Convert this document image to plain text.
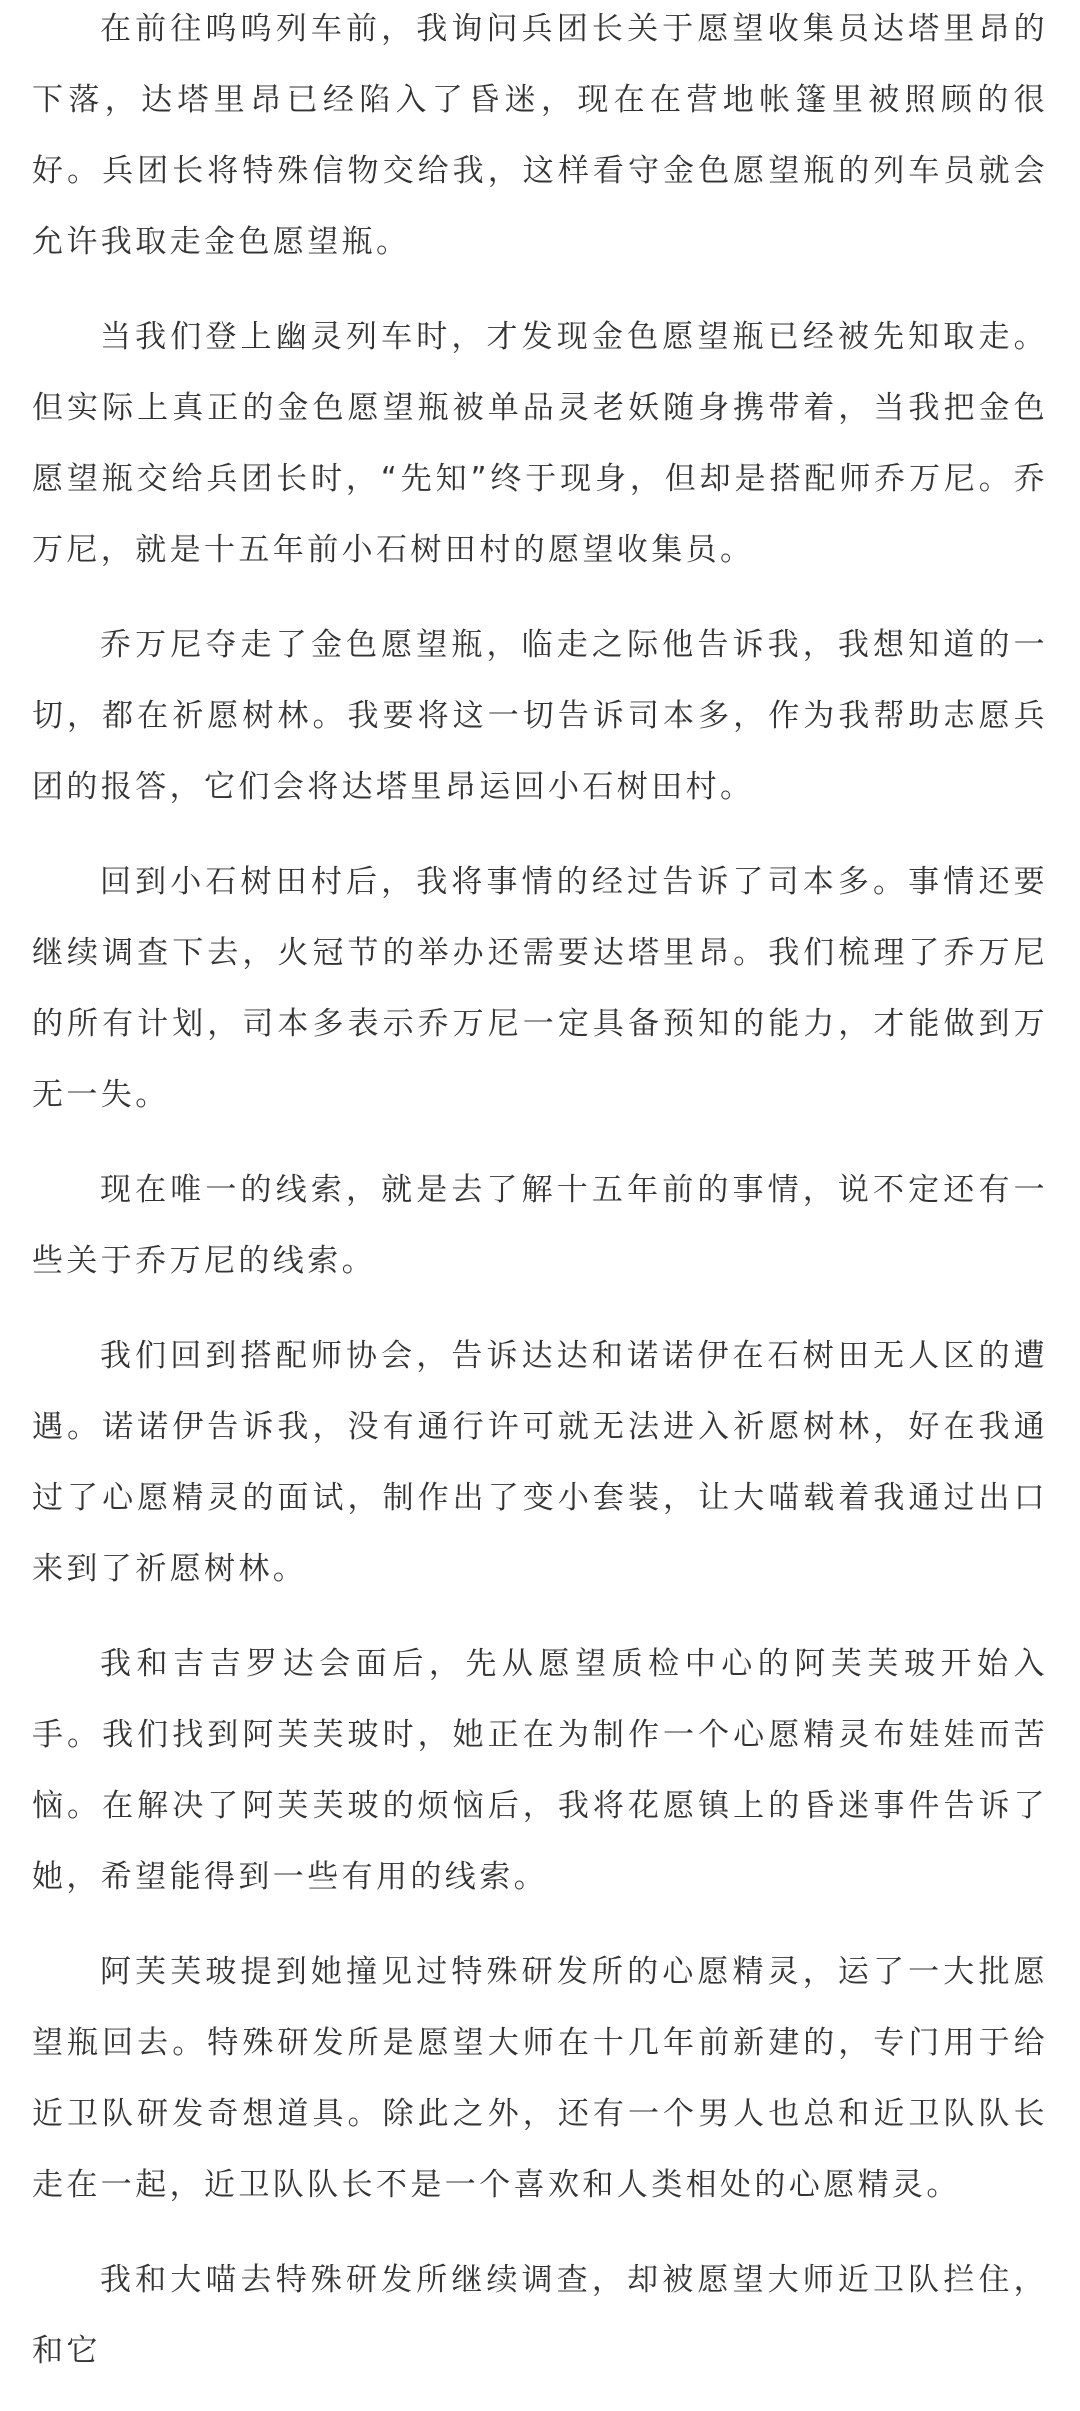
在前往呜呜列车前，我询问兵团长关于愿望收集员达塔里昂的下落，达塔里昂已经陷入了昏迷，现在在营地帐篷里被照顾的很好。兵团长将特殊信物交给我，这样看守金色愿望瓶的列车员就会允许我取走金色愿望瓶。

当我们登上幽灵列车时，才发现金色愿望瓶已经被先知取走。但实际上真正的金色愿望瓶被单品灵老妖随身携带着，当我把金色愿望瓶交给兵团长时，“先知”终于现身，但却是搭配师乔万尼。乔万尼，就是十五年前小石树田村的愿望收集员。

乔万尼夺走了金色愿望瓶，临走之际他告诉我，我想知道的一切，都在祈愿树林。我要将这一切告诉司本多，作为我帮助志愿兵团的报答，它们会将达塔里昂运回小石树田村。

回到小石树田村后，我将事情的经过告诉了司本多。事情还要继续调查下去，火冠节的举办还需要达塔里昂。我们梳理了乔万尼的所有计划，司本多表示乔万尼一定具备预知的能力，才能做到万无一失。

现在唯一的线索，就是去了解十五年前的事情，说不定还有一些关于乔万尼的线索。

我们回到搭配师协会，告诉达达和诺诺伊在石树田无人区的遭遇。诺诺伊告诉我，没有通行许可就无法进入祈愿树林，好在我通过了心愿精灵的面试，制作出了变小套装，让大喵载着我通过出口来到了祈愿树林。

我和吉吉罗达会面后，先从愿望质检中心的阿芙芙玻开始入手。我们找到阿芙芙玻时，她正在为制作一个心愿精灵布娃娃而苦恼。在解决了阿芙芙玻的烦恼后，我将花愿镇上的昏迷事件告诉了她，希望能得到一些有用的线索。

阿芙芙玻提到她撞见过特殊研发所的心愿精灵，运了一大批愿望瓶回去。特殊研发所是愿望大师在十几年前新建的，专门用于给近卫队研发奇想道具。除此之外，还有一个男人也总和近卫队队长走在一起，近卫队队长不是一个喜欢和人类相处的心愿精灵。

我和大喵去特殊研发所继续调查，却被愿望大师近卫队拦住，和它
